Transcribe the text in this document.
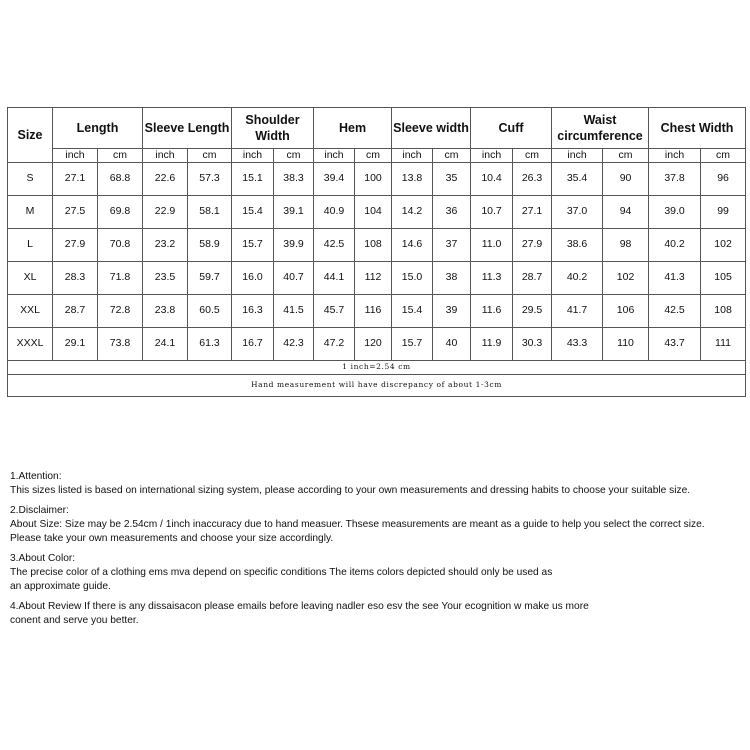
Size	Length		Sleeve Length		Shoulder Width		Hem		Sleeve width		Cuff		Waist circumference		Chest Width	
	inch	cm	inch	cm	inch	cm	inch	cm	inch	cm	inch	cm	inch	cm	inch	cm
S	27.1	68.8	22.6	57.3	15.1	38.3	39.4	100	13.8	35	10.4	26.3	35.4	90	37.8	96
M	27.5	69.8	22.9	58.1	15.4	39.1	40.9	104	14.2	36	10.7	27.1	37.0	94	39.0	99
L	27.9	70.8	23.2	58.9	15.7	39.9	42.5	108	14.6	37	11.0	27.9	38.6	98	40.2	102
XL	28.3	71.8	23.5	59.7	16.0	40.7	44.1	112	15.0	38	11.3	28.7	40.2	102	41.3	105
XXL	28.7	72.8	23.8	60.5	16.3	41.5	45.7	116	15.4	39	11.6	29.5	41.7	106	42.5	108
XXXL	29.1	73.8	24.1	61.3	16.7	42.3	47.2	120	15.7	40	11.9	30.3	43.3	110	43.7	111
1 inch=2.54 cm																
Hand measurement will have discrepancy of about 1-3cm																

1.Attention:

This sizes listed is based on international sizing system, please according to your own measurements and dressing habits to choose your suitable size.

2.Disclaimer:

About Size: Size may be 2.54cm / 1inch inaccuracy due to hand measuer. Thsese measurements are meant as a guide to help you select the correct size.

Please take your own measurements and choose your size accordingly.

3.About Color:

The precise color of a clothing ems mva depend on specific conditions The items colors depicted should only be used as

an approximate guide.

4.About Review If there is any dissaisacon please emails before leaving nadler eso esv the see Your ecognition w make us more

conent and serve you better.
